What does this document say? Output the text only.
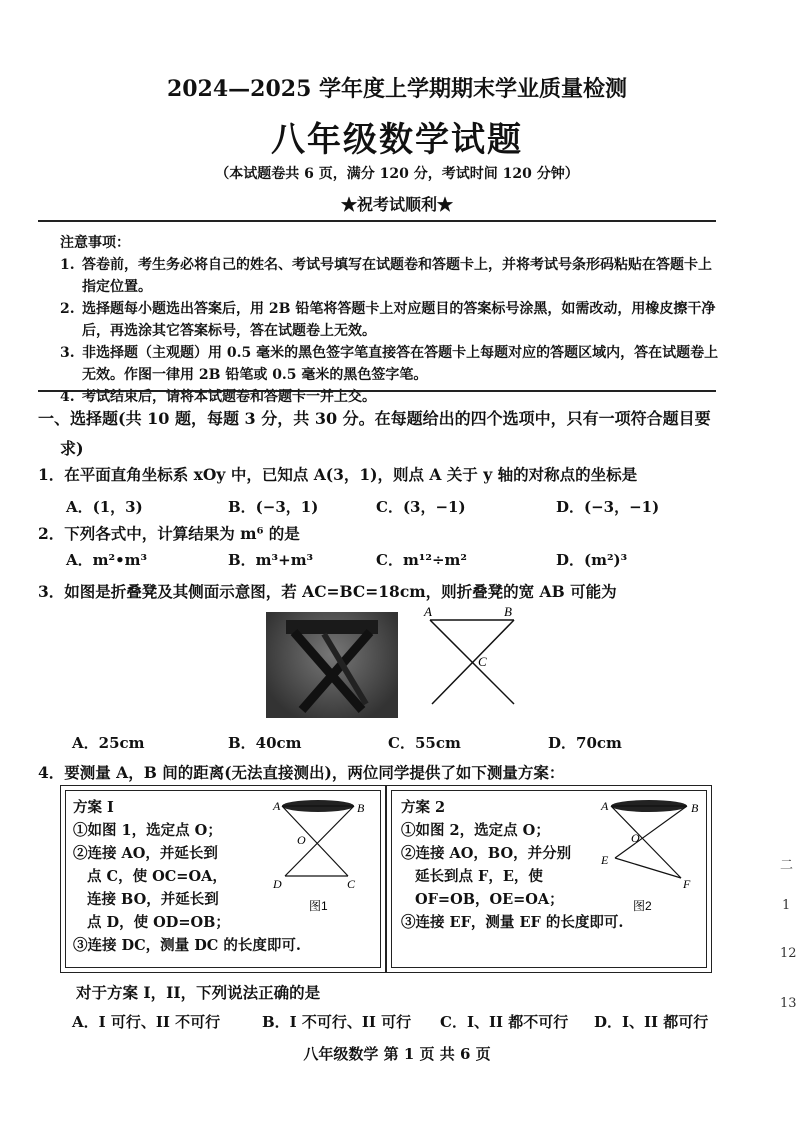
2024—2025 学年度上学期期末学业质量检测
八年级数学试题
（本试题卷共 6 页，满分 120 分，考试时间 120 分钟）
★祝考试顺利★
注意事项：
1. 答卷前，考生务必将自己的姓名、考试号填写在试题卷和答题卡上，并将考试号条形码粘贴在答题卡上指定位置。
2. 选择题每小题选出答案后，用 2B 铅笔将答题卡上对应题目的答案标号涂黑，如需改动，用橡皮擦干净后，再选涂其它答案标号，答在试题卷上无效。
3. 非选择题（主观题）用 0.5 毫米的黑色签字笔直接答在答题卡上每题对应的答题区域内，答在试题卷上无效。作图一律用 2B 铅笔或 0.5 毫米的黑色签字笔。
4. 考试结束后，请将本试题卷和答题卡一并上交。
一、选择题(共 10 题，每题 3 分，共 30 分。在每题给出的四个选项中，只有一项符合题目要
求)
1．在平面直角坐标系 xOy 中，已知点 A(3，1)，则点 A 关于 y 轴的对称点的坐标是
A．(1，3)	B．(−3，1)	C．(3，−1)	D．(−3，−1)
2．下列各式中，计算结果为 m⁶ 的是
A．m²•m³	B．m³+m³	C．m¹²÷m²	D．(m²)³
3．如图是折叠凳及其侧面示意图，若 AC=BC=18cm，则折叠凳的宽 AB 可能为
A	B
C
A．25cm	B．40cm	C．55cm	D．70cm
4．要测量 A，B 间的距离(无法直接测出)，两位同学提供了如下测量方案：
方案 I
①如图 1，选定点 O；
②连接 AO，并延长到
点 C，使 OC=OA，
连接 BO，并延长到
点 D，使 OD=OB；
③连接 DC，测量 DC 的长度即可.
A	B
O
D	C
图1
方案 2
①如图 2，选定点 O；
②连接 AO，BO，并分别
延长到点 F，E，使
OF=OB，OE=OA；
③连接 EF，测量 EF 的长度即可.
A	B
O
E
F
图2
对于方案 I，II，下列说法正确的是
A．I 可行、II 不可行	B．I 不可行、II 可行 C．I、II 都不可行 D．I、II 都可行
八年级数学 第 1 页 共 6 页
二
1
12
13
